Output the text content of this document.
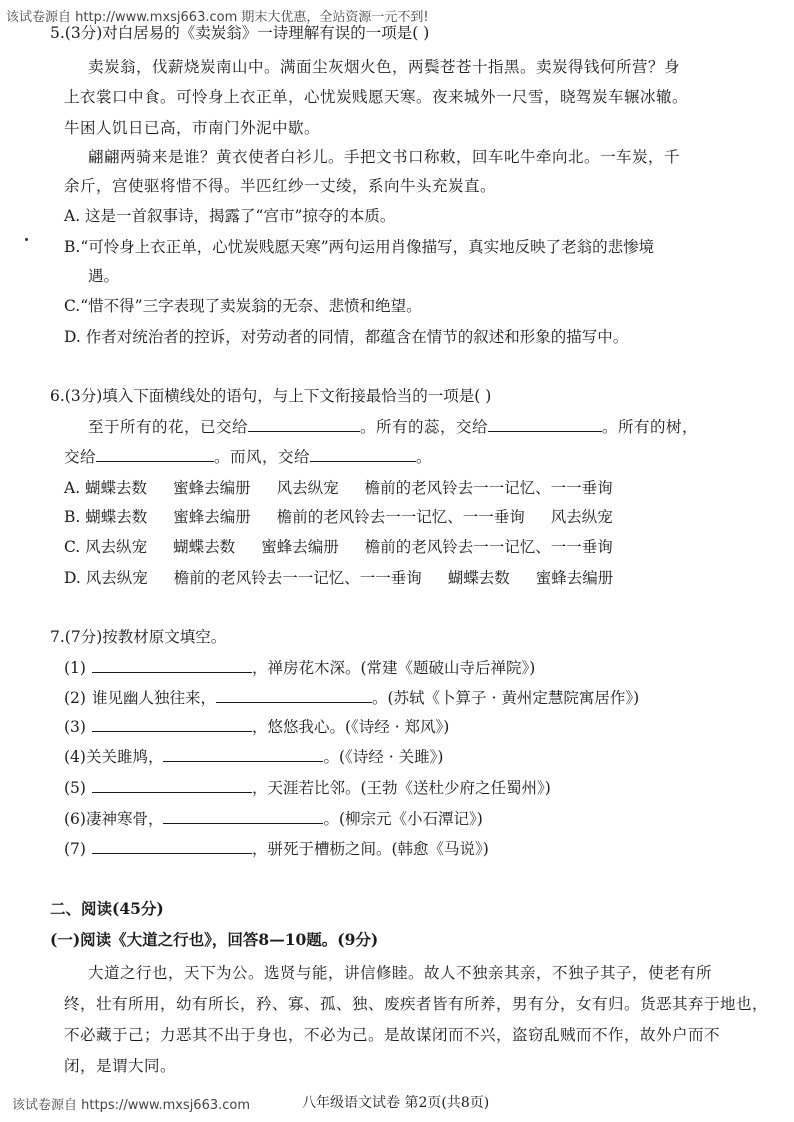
该试卷源自 http://www.mxsj663.com 期末大优惠，全站资源一元不到!
5.(3分)对白居易的《卖炭翁》一诗理解有误的一项是( )
卖炭翁，伐薪烧炭南山中。满面尘灰烟火色，两鬓苍苍十指黑。卖炭得钱何所营？身
上衣裳口中食。可怜身上衣正单，心忧炭贱愿天寒。夜来城外一尺雪，晓驾炭车辗冰辙。
牛困人饥日已高，市南门外泥中歇。
翩翩两骑来是谁？黄衣使者白衫儿。手把文书口称敕，回车叱牛牵向北。一车炭，千
余斤，宫使驱将惜不得。半匹红纱一丈绫，系向牛头充炭直。
A. 这是一首叙事诗，揭露了“宫市”掠夺的本质。
B.“可怜身上衣正单，心忧炭贱愿天寒”两句运用肖像描写，真实地反映了老翁的悲惨境
遇。
C.“惜不得”三字表现了卖炭翁的无奈、悲愤和绝望。
D. 作者对统治者的控诉，对劳动者的同情，都蕴含在情节的叙述和形象的描写中。
6.(3分)填入下面横线处的语句，与上下文衔接最恰当的一项是( )
至于所有的花，已交给	。所有的蕊，交给	。所有的树，
交给	。而风，交给	。
A. 蝴蝶去数 蜜蜂去编册 风去纵宠 檐前的老风铃去一一记忆、一一垂询
B. 蝴蝶去数 蜜蜂去编册 檐前的老风铃去一一记忆、一一垂询 风去纵宠
C. 风去纵宠 蝴蝶去数 蜜蜂去编册 檐前的老风铃去一一记忆、一一垂询
D. 风去纵宠 檐前的老风铃去一一记忆、一一垂询 蝴蝶去数 蜜蜂去编册
7.(7分)按教材原文填空。
(1)	，禅房花木深。(常建《题破山寺后禅院》)
(2) 谁见幽人独往来，	。(苏轼《卜算子 · 黄州定慧院寓居作》)
(3)	，悠悠我心。(《诗经 · 郑风》)
(4)关关雎鸠，	。(《诗经 · 关雎》)
(5)	，天涯若比邻。(王勃《送杜少府之任蜀州》)
(6)凄神寒骨，	。(柳宗元《小石潭记》)
(7)	，骈死于槽枥之间。(韩愈《马说》)
二、阅读(45分)
(一)阅读《大道之行也》，回答8—10题。(9分)
大道之行也，天下为公。选贤与能，讲信修睦。故人不独亲其亲，不独子其子，使老有所
终，壮有所用，幼有所长，矜、寡、孤、独、废疾者皆有所养，男有分，女有归。货恶其弃于地也，
不必藏于己；力恶其不出于身也，不必为己。是故谋闭而不兴，盗窃乱贼而不作，故外户而不
闭，是谓大同。
该试卷源自 https://www.mxsj663.com	八年级语文试卷 第2页(共8页)
